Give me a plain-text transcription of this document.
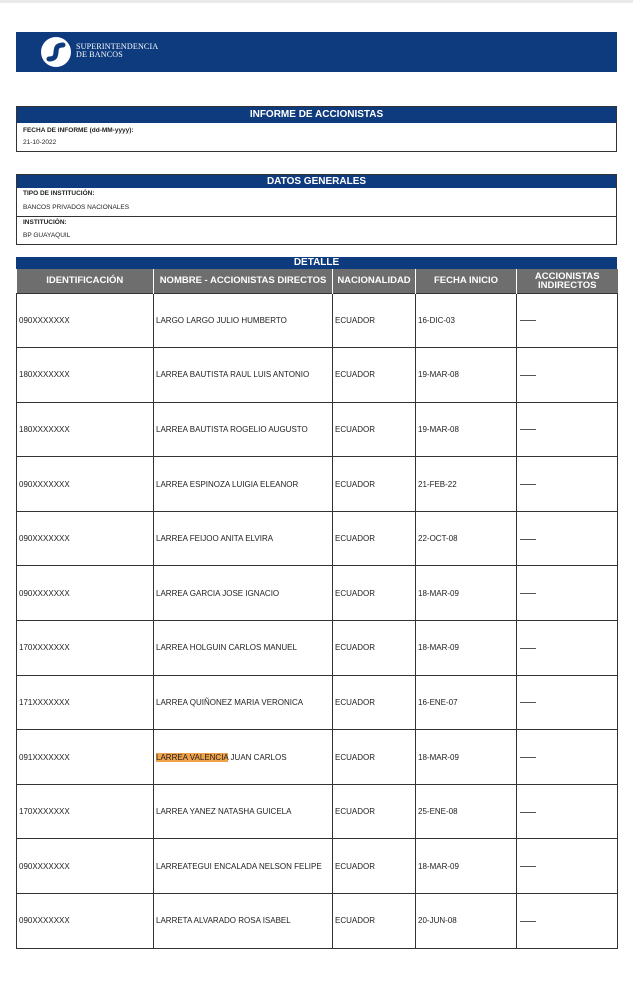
SUPERINTENDENCIA
DE BANCOS
INFORME DE ACCIONISTAS
FECHA DE INFORME (dd-MM-yyyy):
21-10-2022
DATOS GENERALES
TIPO DE INSTITUCIÓN:
BANCOS PRIVADOS NACIONALES
INSTITUCIÓN:
BP GUAYAQUIL
DETALLE
IDENTIFICACIÓN	NOMBRE - ACCIONISTAS DIRECTOS	NACIONALIDAD	FECHA INICIO	ACCIONISTAS INDIRECTOS
090XXXXXXX	LARGO LARGO JULIO HUMBERTO	ECUADOR	16-DIC-03	
180XXXXXXX	LARREA BAUTISTA RAUL LUIS ANTONIO	ECUADOR	19-MAR-08	
180XXXXXXX	LARREA BAUTISTA ROGELIO AUGUSTO	ECUADOR	19-MAR-08	
090XXXXXXX	LARREA ESPINOZA LUIGIA ELEANOR	ECUADOR	21-FEB-22	
090XXXXXXX	LARREA FEIJOO ANITA ELVIRA	ECUADOR	22-OCT-08	
090XXXXXXX	LARREA GARCIA JOSE IGNACIO	ECUADOR	18-MAR-09	
170XXXXXXX	LARREA HOLGUIN CARLOS MANUEL	ECUADOR	18-MAR-09	
171XXXXXXX	LARREA QUIÑONEZ MARIA VERONICA	ECUADOR	16-ENE-07	
091XXXXXXX	LARREA VALENCIA JUAN CARLOS	ECUADOR	18-MAR-09	
170XXXXXXX	LARREA YANEZ NATASHA GUICELA	ECUADOR	25-ENE-08	
090XXXXXXX	LARREATEGUI ENCALADA NELSON FELIPE	ECUADOR	18-MAR-09	
090XXXXXXX	LARRETA ALVARADO ROSA ISABEL	ECUADOR	20-JUN-08	
